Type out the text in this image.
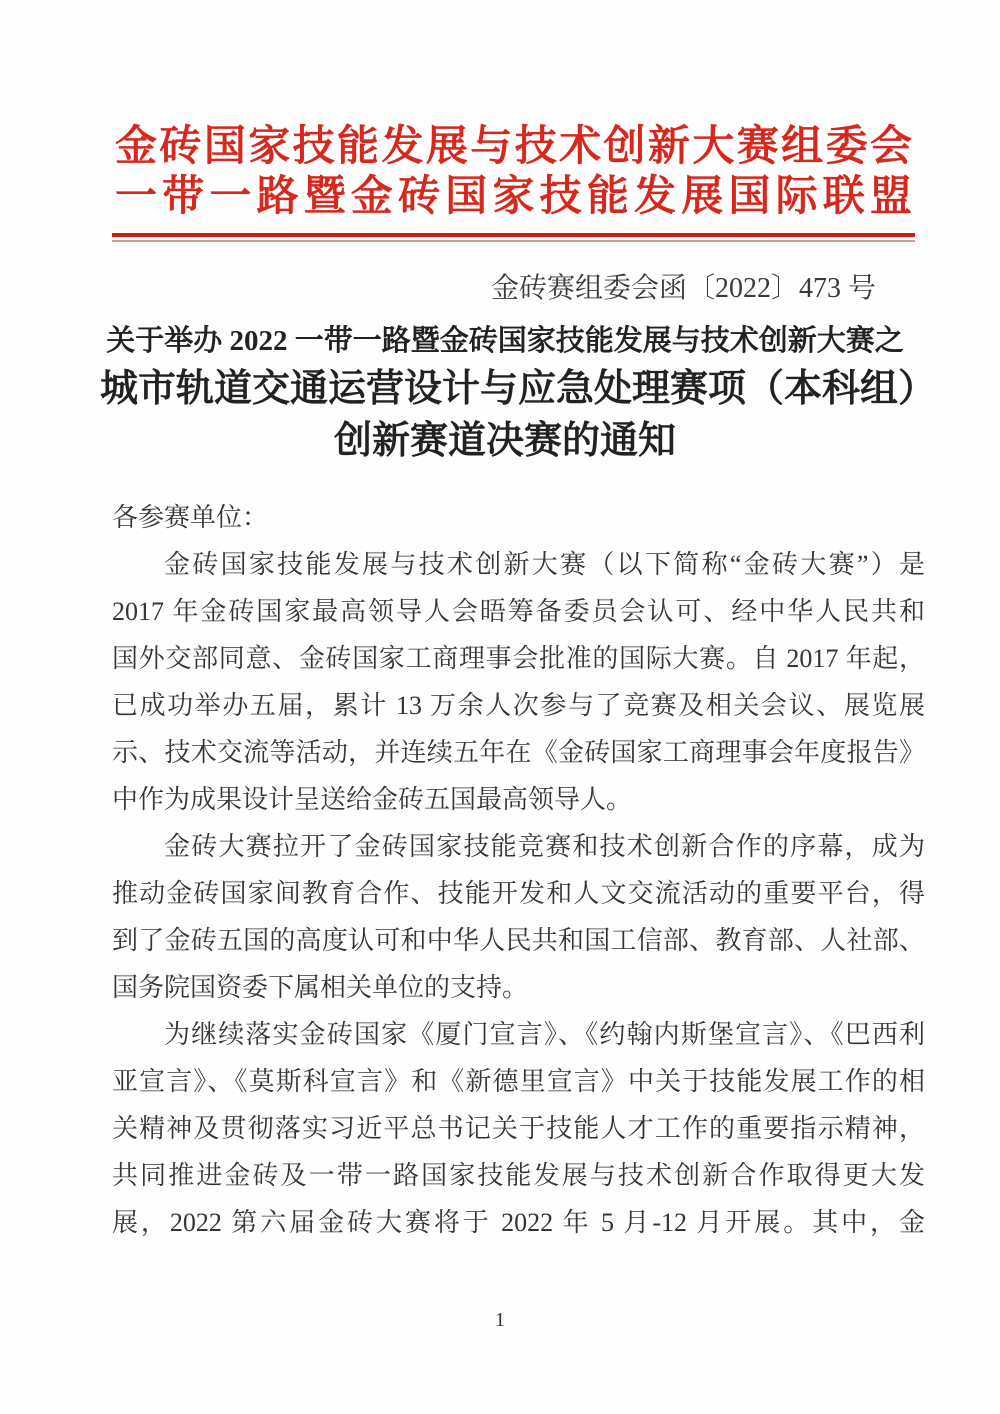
金砖国家技能发展与技术创新大赛组委会
一带一路暨金砖国家技能发展国际联盟
金砖赛组委会函〔2022〕473 号
关于举办 2022 一带一路暨金砖国家技能发展与技术创新大赛之
城市轨道交通运营设计与应急处理赛项（本科组）
创新赛道决赛的通知
各参赛单位：
金砖国家技能发展与技术创新大赛（以下简称“金砖大赛”）是
2017 年金砖国家最高领导人会晤筹备委员会认可、经中华人民共和
国外交部同意、金砖国家工商理事会批准的国际大赛。自 2017 年起，
已成功举办五届，累计 13 万余人次参与了竞赛及相关会议、展览展
示、技术交流等活动，并连续五年在《金砖国家工商理事会年度报告》
中作为成果设计呈送给金砖五国最高领导人。
金砖大赛拉开了金砖国家技能竞赛和技术创新合作的序幕，成为
推动金砖国家间教育合作、技能开发和人文交流活动的重要平台，得
到了金砖五国的高度认可和中华人民共和国工信部、教育部、人社部、
国务院国资委下属相关单位的支持。
为继续落实金砖国家《厦门宣言》、《约翰内斯堡宣言》、《巴西利
亚宣言》、《莫斯科宣言》和《新德里宣言》中关于技能发展工作的相
关精神及贯彻落实习近平总书记关于技能人才工作的重要指示精神，
共同推进金砖及一带一路国家技能发展与技术创新合作取得更大发
展，2022 第六届金砖大赛将于 2022 年 5 月-12 月开展。其中，金
1
